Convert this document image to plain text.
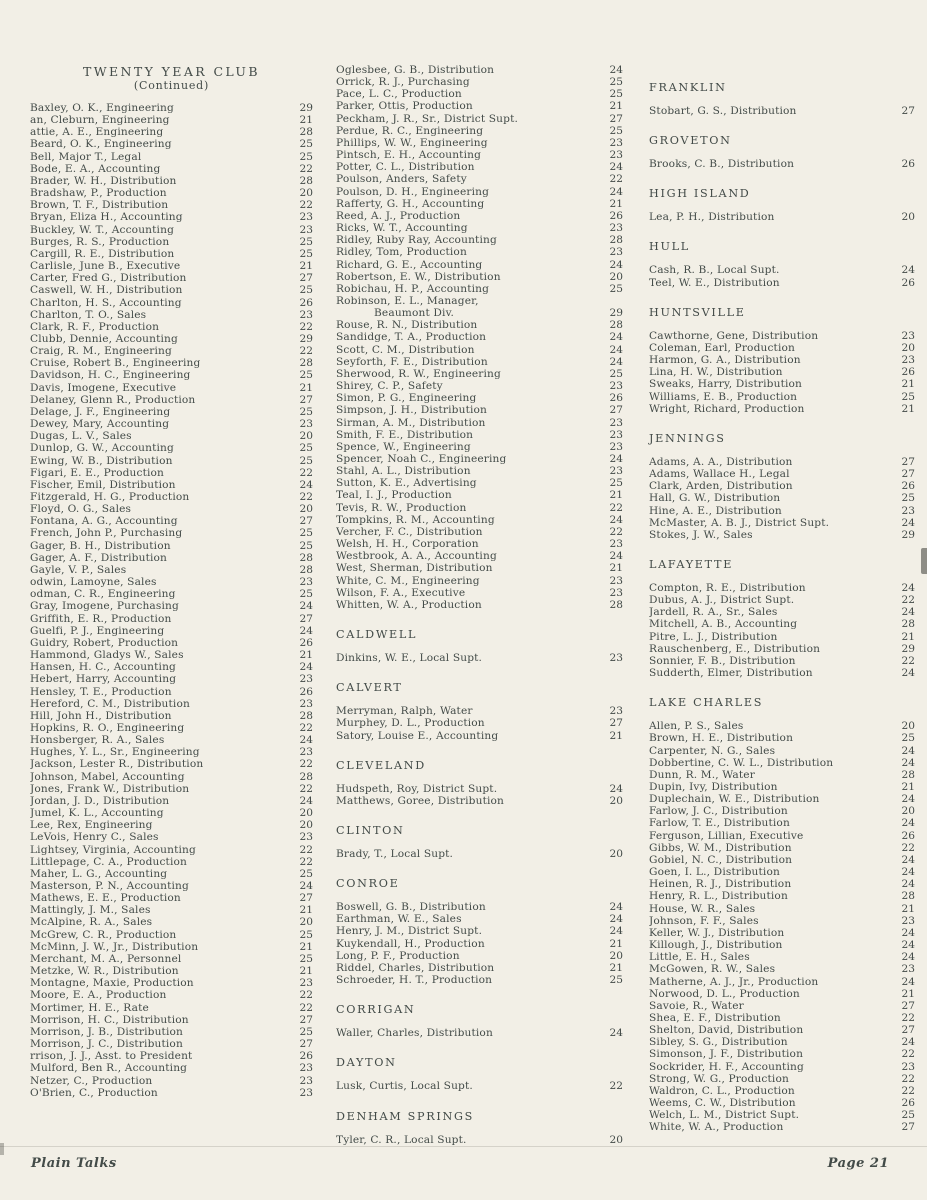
TWENTY YEAR CLUB
(Continued)
Baxley, O. K., Engineering	29
an, Cleburn, Engineering	21
attie, A. E., Engineering	28
Beard, O. K., Engineering	25
Bell, Major T., Legal	25
Bode, E. A., Accounting	22
Brader, W. H., Distribution	28
Bradshaw, P., Production	20
Brown, T. F., Distribution	22
Bryan, Eliza H., Accounting	23
Buckley, W. T., Accounting	23
Burges, R. S., Production	25
Cargill, R. E., Distribution	25
Carlisle, June B., Executive	21
Carter, Fred G., Distribution	27
Caswell, W. H., Distribution	25
Charlton, H. S., Accounting	26
Charlton, T. O., Sales	23
Clark, R. F., Production	22
Clubb, Dennie, Accounting	29
Craig, R. M., Engineering	22
Cruise, Robert B., Engineering	28
Davidson, H. C., Engineering	25
Davis, Imogene, Executive	21
Delaney, Glenn R., Production	27
Delage, J. F., Engineering	25
Dewey, Mary, Accounting	23
Dugas, L. V., Sales	20
Dunlop, G. W., Accounting	25
Ewing, W. B., Distribution	25
Figari, E. E., Production	22
Fischer, Emil, Distribution	24
Fitzgerald, H. G., Production	22
Floyd, O. G., Sales	20
Fontana, A. G., Accounting	27
French, John P., Purchasing	25
Gager, B. H., Distribution	25
Gager, A. F., Distribution	28
Gayle, V. P., Sales	28
odwin, Lamoyne, Sales	23
odman, C. R., Engineering	25
Gray, Imogene, Purchasing	24
Griffith, E. R., Production	27
Guelfi, P. J., Engineering	24
Guidry, Robert, Production	26
Hammond, Gladys W., Sales	21
Hansen, H. C., Accounting	24
Hebert, Harry, Accounting	23
Hensley, T. E., Production	26
Hereford, C. M., Distribution	23
Hill, John H., Distribution	28
Hopkins, R. O., Engineering	22
Honsberger, R. A., Sales	24
Hughes, Y. L., Sr., Engineering	23
Jackson, Lester R., Distribution	22
Johnson, Mabel, Accounting	28
Jones, Frank W., Distribution	22
Jordan, J. D., Distribution	24
Jumel, K. L., Accounting	20
Lee, Rex, Engineering	20
LeVois, Henry C., Sales	23
Lightsey, Virginia, Accounting	22
Littlepage, C. A., Production	22
Maher, L. G., Accounting	25
Masterson, P. N., Accounting	24
Mathews, E. E., Production	27
Mattingly, J. M., Sales	21
McAlpine, R. A., Sales	20
McGrew, C. R., Production	25
McMinn, J. W., Jr., Distribution	21
Merchant, M. A., Personnel	25
Metzke, W. R., Distribution	21
Montagne, Maxie, Production	23
Moore, E. A., Production	22
Mortimer, H. E., Rate	22
Morrison, H. C., Distribution	27
Morrison, J. B., Distribution	25
Morrison, J. C., Distribution	27
rrison, J. J., Asst. to President	26
Mulford, Ben R., Accounting	23
Netzer, C., Production	23
O'Brien, C., Production	23
Oglesbee, G. B., Distribution	24
Orrick, R. J., Purchasing	25
Pace, L. C., Production	25
Parker, Ottis, Production	21
Peckham, J. R., Sr., District Supt.	27
Perdue, R. C., Engineering	25
Phillips, W. W., Engineering	23
Pintsch, E. H., Accounting	23
Potter, C. L., Distribution	24
Poulson, Anders, Safety	22
Poulson, D. H., Engineering	24
Rafferty, G. H., Accounting	21
Reed, A. J., Production	26
Ricks, W. T., Accounting	23
Ridley, Ruby Ray, Accounting	28
Ridley, Tom, Production	23
Richard, G. E., Accounting	24
Robertson, E. W., Distribution	20
Robichau, H. P., Accounting	25
Robinson, E. L., Manager,
Beaumont Div.	29
Rouse, R. N., Distribution	28
Sandidge, T. A., Production	24
Scott, C. M., Distribution	24
Seyforth, F. E., Distribution	24
Sherwood, R. W., Engineering	25
Shirey, C. P., Safety	23
Simon, P. G., Engineering	26
Simpson, J. H., Distribution	27
Sirman, A. M., Distribution	23
Smith, F. E., Distribution	23
Spence, W., Engineering	23
Spencer, Noah C., Engineering	24
Stahl, A. L., Distribution	23
Sutton, K. E., Advertising	25
Teal, I. J., Production	21
Tevis, R. W., Production	22
Tompkins, R. M., Accounting	24
Vercher, F. C., Distribution	22
Welsh, H. H., Corporation	23
Westbrook, A. A., Accounting	24
West, Sherman, Distribution	21
White, C. M., Engineering	23
Wilson, F. A., Executive	23
Whitten, W. A., Production	28
CALDWELL
Dinkins, W. E., Local Supt.	23
CALVERT
Merryman, Ralph, Water	23
Murphey, D. L., Production	27
Satory, Louise E., Accounting	21
CLEVELAND
Hudspeth, Roy, District Supt.	24
Matthews, Goree, Distribution	20
CLINTON
Brady, T., Local Supt.	20
CONROE
Boswell, G. B., Distribution	24
Earthman, W. E., Sales	24
Henry, J. M., District Supt.	24
Kuykendall, H., Production	21
Long, P. F., Production	20
Riddel, Charles, Distribution	21
Schroeder, H. T., Production	25
CORRIGAN
Waller, Charles, Distribution	24
DAYTON
Lusk, Curtis, Local Supt.	22
DENHAM SPRINGS
Tyler, C. R., Local Supt.	20
FRANKLIN
Stobart, G. S., Distribution	27
GROVETON
Brooks, C. B., Distribution	26
HIGH ISLAND
Lea, P. H., Distribution	20
HULL
Cash, R. B., Local Supt.	24
Teel, W. E., Distribution	26
HUNTSVILLE
Cawthorne, Gene, Distribution	23
Coleman, Earl, Production	20
Harmon, G. A., Distribution	23
Lina, H. W., Distribution	26
Sweaks, Harry, Distribution	21
Williams, E. B., Production	25
Wright, Richard, Production	21
JENNINGS
Adams, A. A., Distribution	27
Adams, Wallace H., Legal	27
Clark, Arden, Distribution	26
Hall, G. W., Distribution	25
Hine, A. E., Distribution	23
McMaster, A. B. J., District Supt.	24
Stokes, J. W., Sales	29
LAFAYETTE
Compton, R. E., Distribution	24
Dubus, A. J., District Supt.	22
Jardell, R. A., Sr., Sales	24
Mitchell, A. B., Accounting	28
Pitre, L. J., Distribution	21
Rauschenberg, E., Distribution	29
Sonnier, F. B., Distribution	22
Sudderth, Elmer, Distribution	24
LAKE CHARLES
Allen, P. S., Sales	20
Brown, H. E., Distribution	25
Carpenter, N. G., Sales	24
Dobbertine, C. W. L., Distribution	24
Dunn, R. M., Water	28
Dupin, Ivy, Distribution	21
Duplechain, W. E., Distribution	24
Farlow, J. C., Distribution	20
Farlow, T. E., Distribution	24
Ferguson, Lillian, Executive	26
Gibbs, W. M., Distribution	22
Gobiel, N. C., Distribution	24
Goen, I. L., Distribution	24
Heinen, R. J., Distribution	24
Henry, R. L., Distribution	28
House, W. R., Sales	21
Johnson, F. F., Sales	23
Keller, W. J., Distribution	24
Killough, J., Distribution	24
Little, E. H., Sales	24
McGowen, R. W., Sales	23
Matherne, A. J., Jr., Production	24
Norwood, D. L., Production	21
Savoie, R., Water	27
Shea, E. F., Distribution	22
Shelton, David, Distribution	27
Sibley, S. G., Distribution	24
Simonson, J. F., Distribution	22
Sockrider, H. F., Accounting	23
Strong, W. G., Production	22
Waldron, C. L., Production	22
Weems, C. W., Distribution	26
Welch, L. M., District Supt.	25
White, W. A., Production	27
Plain Talks	Page 21
